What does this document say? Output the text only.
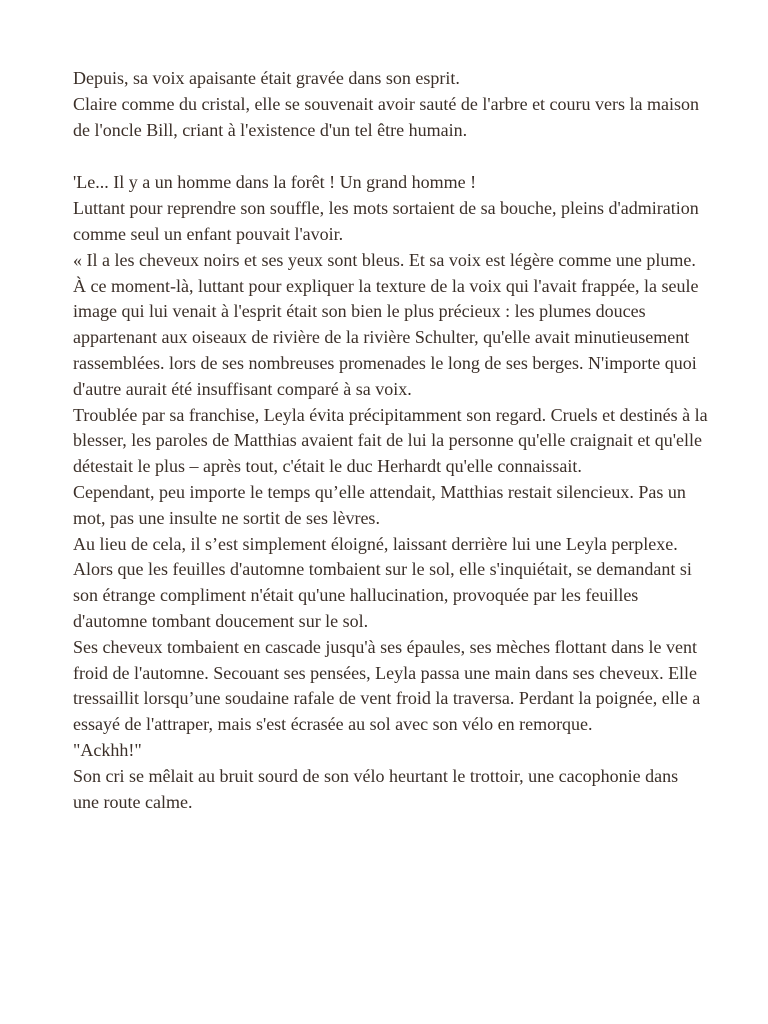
Depuis, sa voix apaisante était gravée dans son esprit.

Claire comme du cristal, elle se souvenait avoir sauté de l'arbre et couru vers la maison de l'oncle Bill, criant à l'existence d'un tel être humain.

'Le... Il y a un homme dans la forêt ! Un grand homme !

Luttant pour reprendre son souffle, les mots sortaient de sa bouche, pleins d'admiration comme seul un enfant pouvait l'avoir.

« Il a les cheveux noirs et ses yeux sont bleus. Et sa voix est légère comme une plume.

À ce moment-là, luttant pour expliquer la texture de la voix qui l'avait frappée, la seule image qui lui venait à l'esprit était son bien le plus précieux : les plumes douces appartenant aux oiseaux de rivière de la rivière Schulter, qu'elle avait minutieusement rassemblées. lors de ses nombreuses promenades le long de ses berges. N'importe quoi d'autre aurait été insuffisant comparé à sa voix.

Troublée par sa franchise, Leyla évita précipitamment son regard. Cruels et destinés à la blesser, les paroles de Matthias avaient fait de lui la personne qu'elle craignait et qu'elle détestait le plus – après tout, c'était le duc Herhardt qu'elle connaissait.

Cependant, peu importe le temps qu’elle attendait, Matthias restait silencieux. Pas un mot, pas une insulte ne sortit de ses lèvres.

Au lieu de cela, il s’est simplement éloigné, laissant derrière lui une Leyla perplexe. Alors que les feuilles d'automne tombaient sur le sol, elle s'inquiétait, se demandant si son étrange compliment n'était qu'une hallucination, provoquée par les feuilles d'automne tombant doucement sur le sol.

Ses cheveux tombaient en cascade jusqu'à ses épaules, ses mèches flottant dans le vent froid de l'automne. Secouant ses pensées, Leyla passa une main dans ses cheveux. Elle tressaillit lorsqu’une soudaine rafale de vent froid la traversa. Perdant la poignée, elle a essayé de l'attraper, mais s'est écrasée au sol avec son vélo en remorque.

"Ackhh!"

Son cri se mêlait au bruit sourd de son vélo heurtant le trottoir, une cacophonie dans une route calme.
